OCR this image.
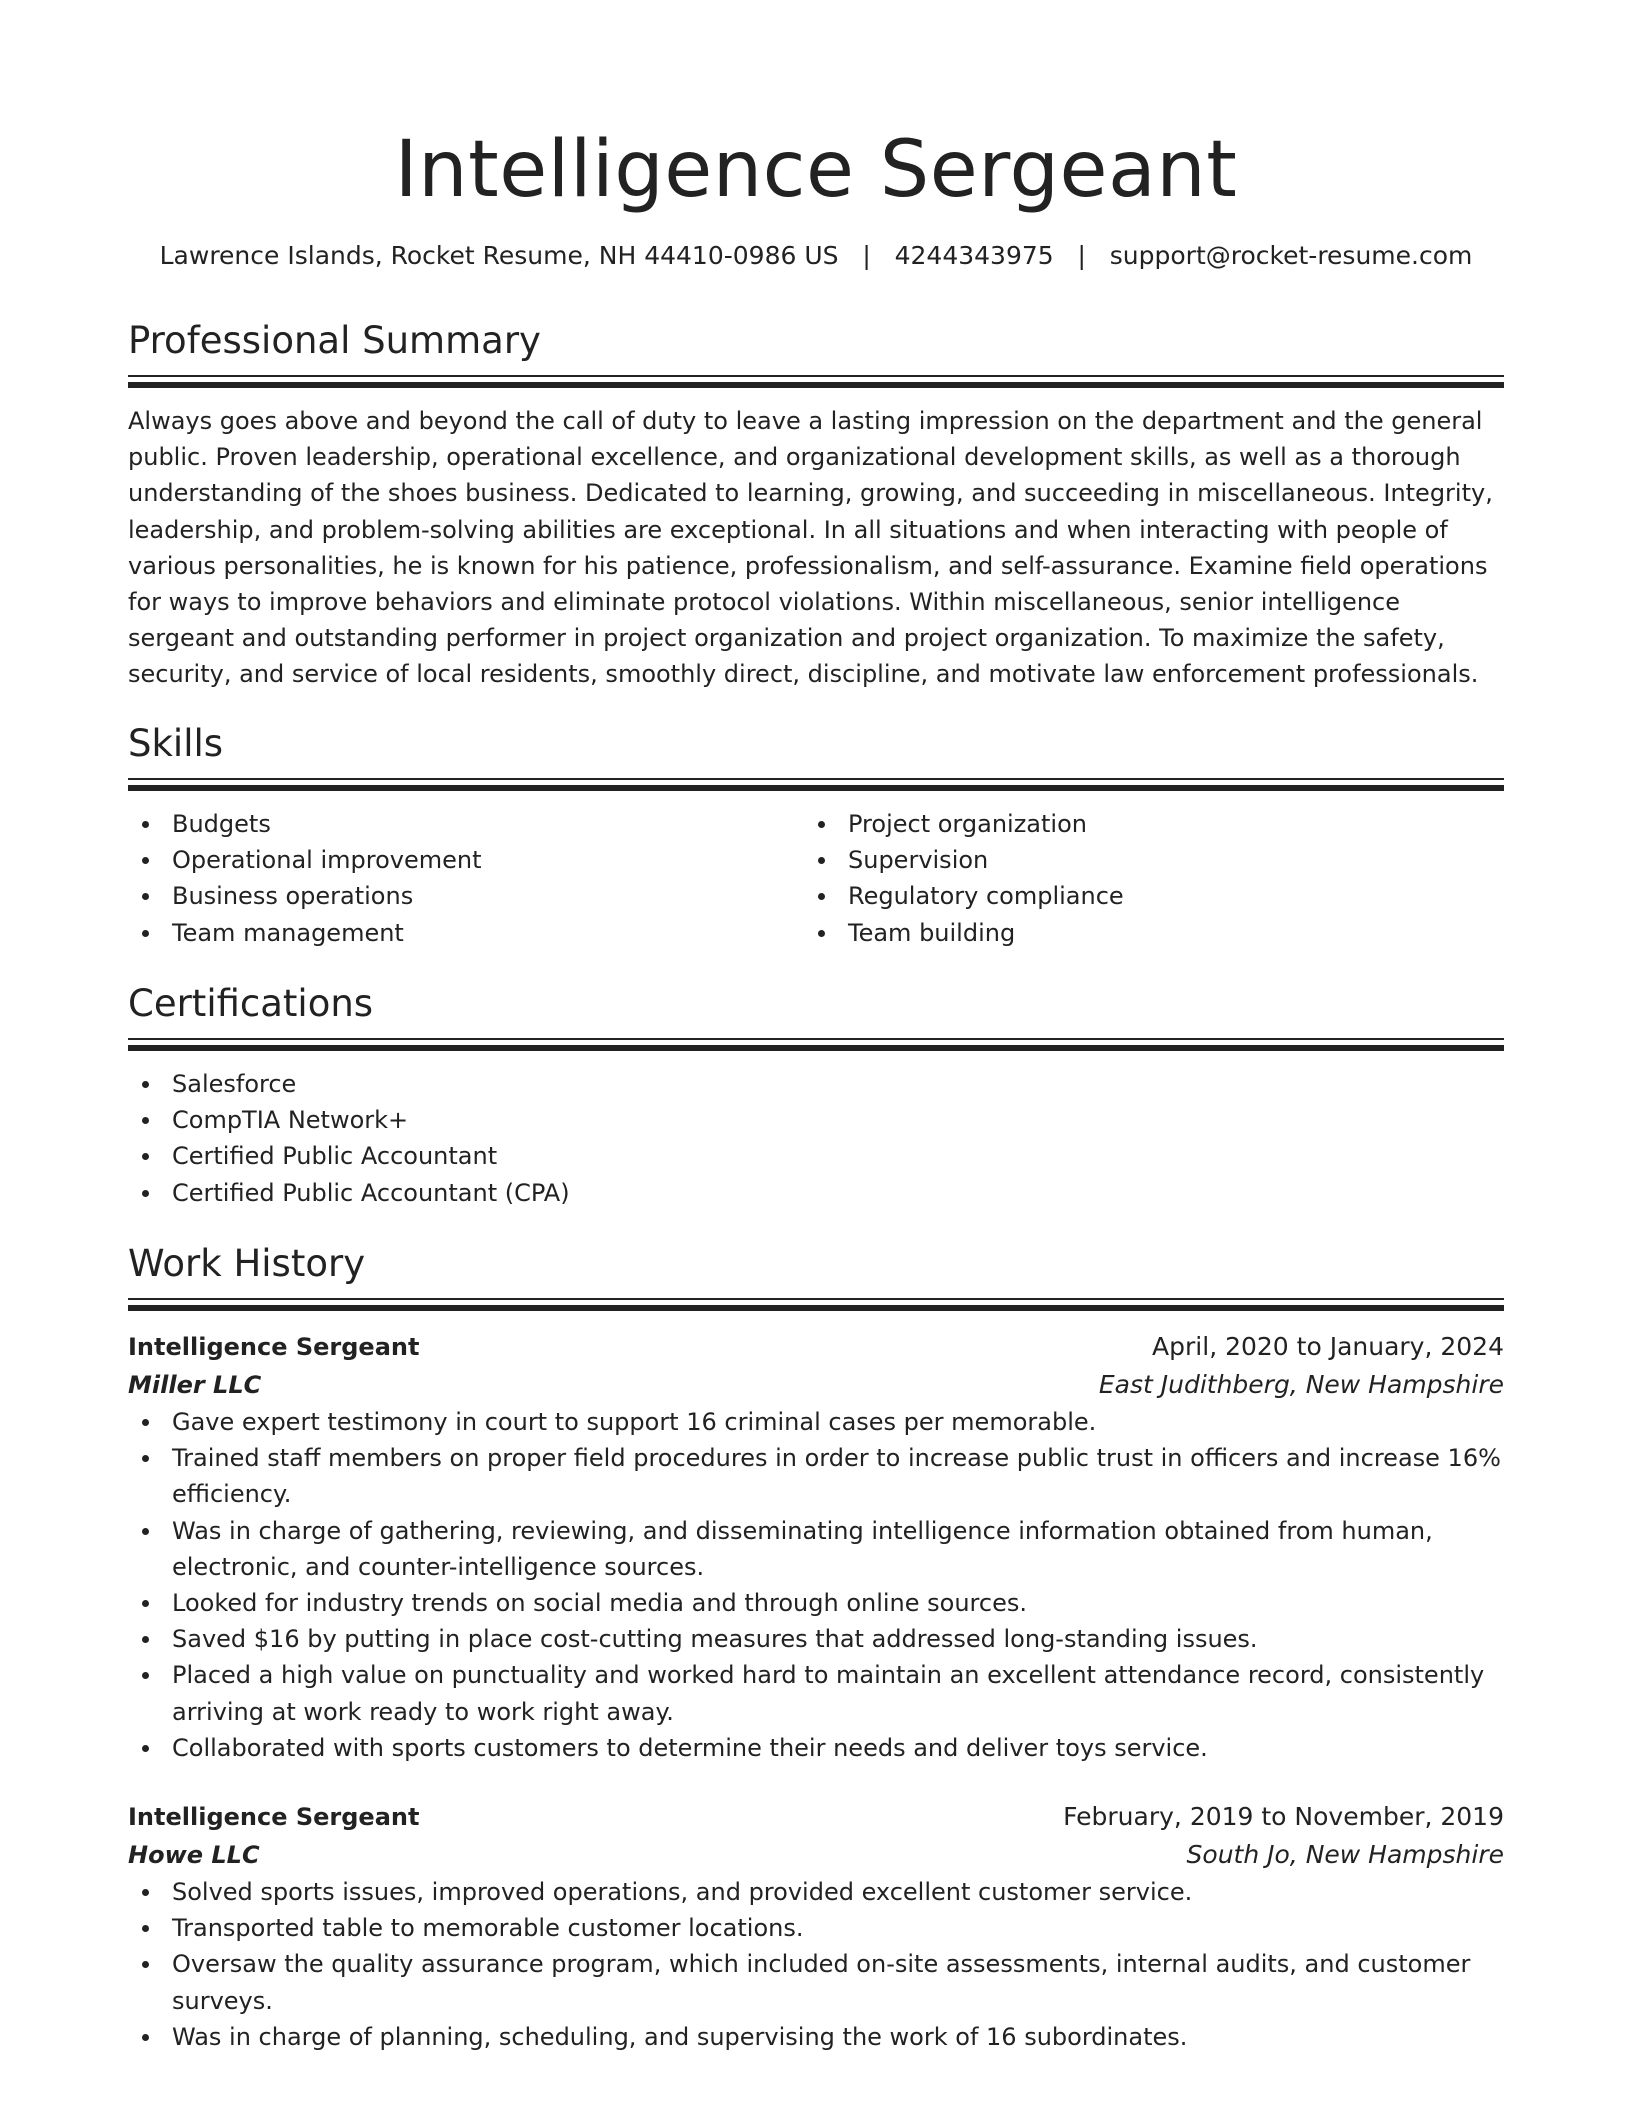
Intelligence Sergeant
Lawrence Islands, Rocket Resume, NH 44410-0986 US   |   4244343975   |   support@rocket-resume.com
Professional Summary
Always goes above and beyond the call of duty to leave a lasting impression on the department and the general public. Proven leadership, operational excellence, and organizational development skills, as well as a thorough understanding of the shoes business. Dedicated to learning, growing, and succeeding in miscellaneous. Integrity, leadership, and problem-solving abilities are exceptional. In all situations and when interacting with people of various personalities, he is known for his patience, professionalism, and self-assurance. Examine field operations for ways to improve behaviors and eliminate protocol violations. Within miscellaneous, senior intelligence sergeant and outstanding performer in project organization and project organization. To maximize the safety, security, and service of local residents, smoothly direct, discipline, and motivate law enforcement professionals.
Skills
Budgets
Operational improvement
Business operations
Team management
Project organization
Supervision
Regulatory compliance
Team building
Certifications
Salesforce
CompTIA Network+
Certified Public Accountant
Certified Public Accountant (CPA)
Work History
Intelligence Sergeant	April, 2020 to January, 2024
Miller LLC	East Judithberg, New Hampshire
Gave expert testimony in court to support 16 criminal cases per memorable.
Trained staff members on proper field procedures in order to increase public trust in officers and increase 16% efficiency.
Was in charge of gathering, reviewing, and disseminating intelligence information obtained from human, electronic, and counter-intelligence sources.
Looked for industry trends on social media and through online sources.
Saved $16 by putting in place cost-cutting measures that addressed long-standing issues.
Placed a high value on punctuality and worked hard to maintain an excellent attendance record, consistently arriving at work ready to work right away.
Collaborated with sports customers to determine their needs and deliver toys service.
Intelligence Sergeant	February, 2019 to November, 2019
Howe LLC	South Jo, New Hampshire
Solved sports issues, improved operations, and provided excellent customer service.
Transported table to memorable customer locations.
Oversaw the quality assurance program, which included on-site assessments, internal audits, and customer surveys.
Was in charge of planning, scheduling, and supervising the work of 16 subordinates.
